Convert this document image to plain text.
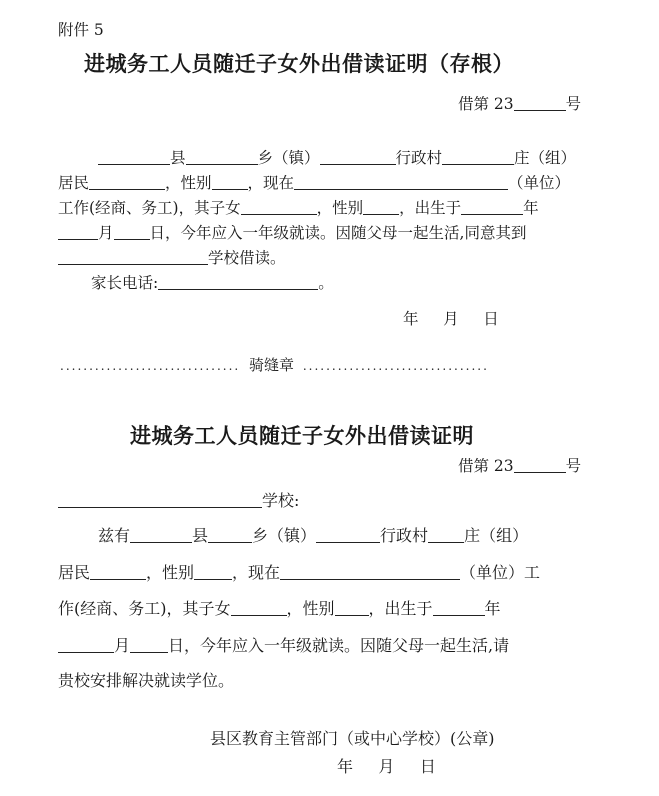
附件 5
进城务工人员随迁子女外出借读证明（存根）
借第 23	号
县	乡（镇）	行政村	庄（组）
居民	，性别 ，现在	（单位）
工作(经商、务工)，其子女	，性别 ，出生于	年
月 日，今年应入一年级就读。因随父母一起生活,同意其到
学校借读。
家长电话:	。
年     月     日
............................... 骑缝章 ................................
进城务工人员随迁子女外出借读证明
借第 23	号
学校:
兹有	县	乡（镇）	行政村 庄（组）
居民	，性别 ，现在	（单位）工
作(经商、务工)，其子女	，性别 ，出生于	年
月 日，今年应入一年级就读。因随父母一起生活,请
贵校安排解决就读学位。
县区教育主管部门（或中心学校）(公章)
年     月     日
